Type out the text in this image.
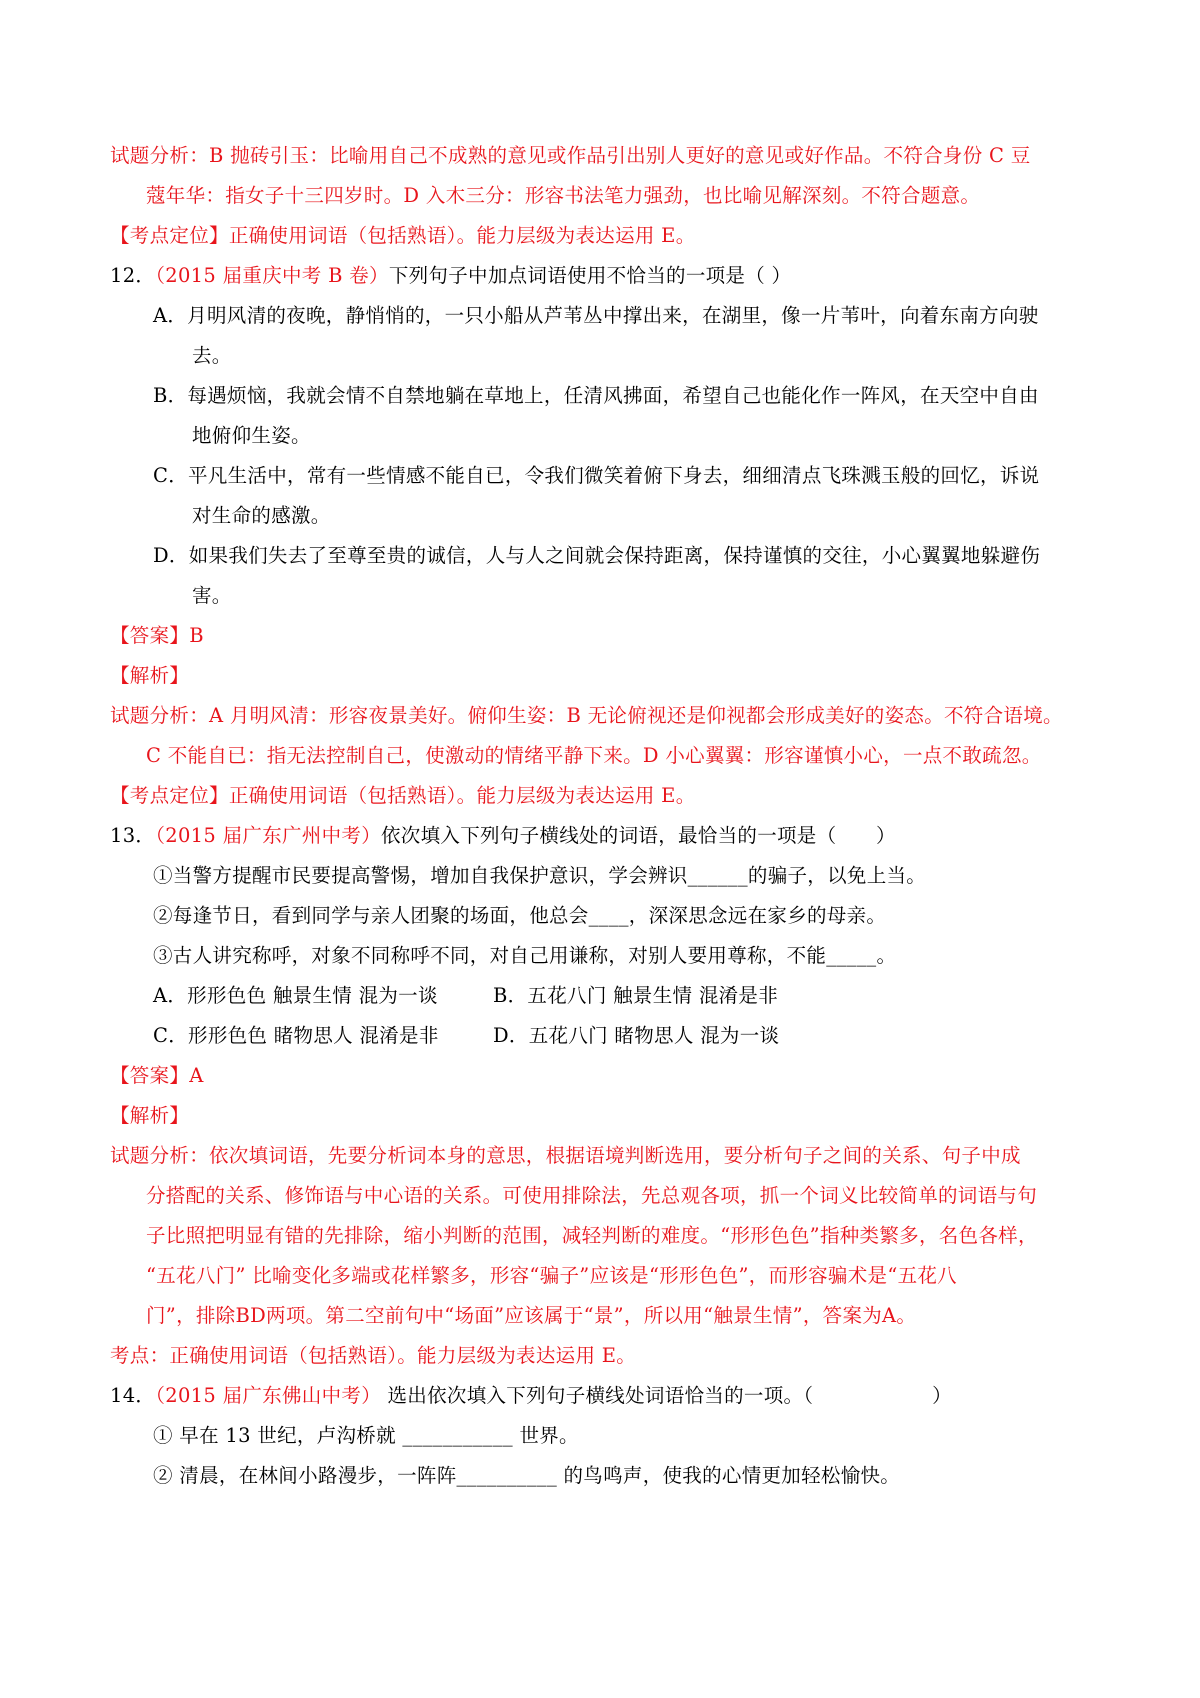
试题分析：B 抛砖引玉：比喻用自己不成熟的意见或作品引出别人更好的意见或好作品。不符合身份 C 豆
蔻年华：指女子十三四岁时。D 入木三分：形容书法笔力强劲，也比喻见解深刻。不符合题意。
【考点定位】正确使用词语（包括熟语）。能力层级为表达运用 E。
12．（2015 届重庆中考 B 卷）下列句子中加点词语使用不恰当的一项是（ ）
A．月明风清的夜晚，静悄悄的，一只小船从芦苇丛中撑出来，在湖里，像一片苇叶，向着东南方向驶
去。
B．每遇烦恼，我就会情不自禁地躺在草地上，任清风拂面，希望自己也能化作一阵风，在天空中自由
地俯仰生姿。
C．平凡生活中，常有一些情感不能自已，令我们微笑着俯下身去，细细清点飞珠溅玉般的回忆，诉说
对生命的感激。
D．如果我们失去了至尊至贵的诚信，人与人之间就会保持距离，保持谨慎的交往，小心翼翼地躲避伤
害。
【答案】B
【解析】
试题分析：A 月明风清：形容夜景美好。俯仰生姿：B 无论俯视还是仰视都会形成美好的姿态。不符合语境。
C 不能自已：指无法控制自己，使激动的情绪平静下来。D 小心翼翼：形容谨慎小心，一点不敢疏忽。
【考点定位】正确使用词语（包括熟语）。能力层级为表达运用 E。
13．（2015 届广东广州中考）依次填入下列句子横线处的词语，最恰当的一项是（　　）
①当警方提醒市民要提高警惕，增加自我保护意识，学会辨识______的骗子，以免上当。
②每逢节日，看到同学与亲人团聚的场面，他总会____，深深思念远在家乡的母亲。
③古人讲究称呼，对象不同称呼不同，对自己用谦称，对别人要用尊称，不能_____。
A．形形色色 触景生情 混为一谈	B．五花八门 触景生情 混淆是非
C．形形色色 睹物思人 混淆是非	D．五花八门 睹物思人 混为一谈
【答案】A
【解析】
试题分析：依次填词语，先要分析词本身的意思，根据语境判断选用，要分析句子之间的关系、句子中成
分搭配的关系、修饰语与中心语的关系。可使用排除法，先总观各项，抓一个词义比较简单的词语与句
子比照把明显有错的先排除，缩小判断的范围，减轻判断的难度。“形形色色”指种类繁多，名色各样，
“五花八门” 比喻变化多端或花样繁多，形容“骗子”应该是“形形色色”，而形容骗术是“五花八
门”，排除BD两项。第二空前句中“场面”应该属于“景”，所以用“触景生情”，答案为A。
考点：正确使用词语（包括熟语）。能力层级为表达运用 E。
14．（2015 届广东佛山中考） 选出依次填入下列句子横线处词语恰当的一项。（　　　　　　）
① 早在 13 世纪，卢沟桥就 ___________ 世界。
② 清晨，在林间小路漫步，一阵阵__________ 的鸟鸣声，使我的心情更加轻松愉快。
